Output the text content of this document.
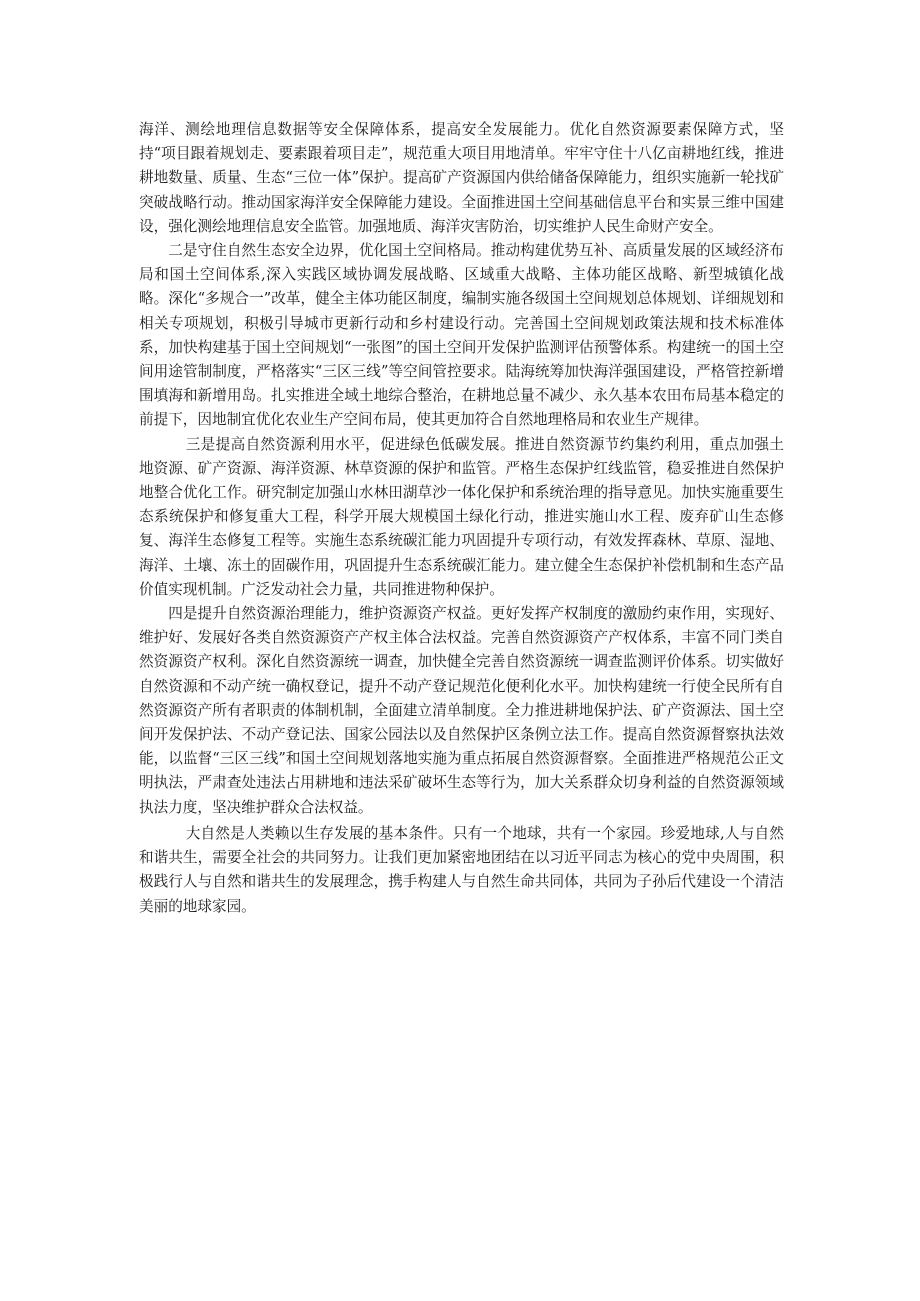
海洋、测绘地理信息数据等安全保障体系，提高安全发展能力。优化自然资源要素保障方式，坚持“项目跟着规划走、要素跟着项目走”，规范重大项目用地清单。牢牢守住十八亿亩耕地红线，推进耕地数量、质量、生态“三位一体”保护。提高矿产资源国内供给储备保障能力，组织实施新一轮找矿突破战略行动。推动国家海洋安全保障能力建设。全面推进国土空间基础信息平台和实景三维中国建设，强化测绘地理信息安全监管。加强地质、海洋灾害防治，切实维护人民生命财产安全。

二是守住自然生态安全边界，优化国土空间格局。推动构建优势互补、高质量发展的区域经济布局和国土空间体系,深入实践区域协调发展战略、区域重大战略、主体功能区战略、新型城镇化战略。深化“多规合一”改革，健全主体功能区制度，编制实施各级国土空间规划总体规划、详细规划和相关专项规划，积极引导城市更新行动和乡村建设行动。完善国土空间规划政策法规和技术标准体系，加快构建基于国土空间规划“一张图”的国土空间开发保护监测评估预警体系。构建统一的国土空间用途管制制度，严格落实“三区三线”等空间管控要求。陆海统筹加快海洋强国建设，严格管控新增围填海和新增用岛。扎实推进全域土地综合整治，在耕地总量不减少、永久基本农田布局基本稳定的前提下，因地制宜优化农业生产空间布局，使其更加符合自然地理格局和农业生产规律。

三是提高自然资源利用水平，促进绿色低碳发展。推进自然资源节约集约利用，重点加强土地资源、矿产资源、海洋资源、林草资源的保护和监管。严格生态保护红线监管，稳妥推进自然保护地整合优化工作。研究制定加强山水林田湖草沙一体化保护和系统治理的指导意见。加快实施重要生态系统保护和修复重大工程，科学开展大规模国土绿化行动，推进实施山水工程、废弃矿山生态修复、海洋生态修复工程等。实施生态系统碳汇能力巩固提升专项行动，有效发挥森林、草原、湿地、海洋、土壤、冻土的固碳作用，巩固提升生态系统碳汇能力。建立健全生态保护补偿机制和生态产品价值实现机制。广泛发动社会力量，共同推进物种保护。

四是提升自然资源治理能力，维护资源资产权益。更好发挥产权制度的激励约束作用，实现好、维护好、发展好各类自然资源资产产权主体合法权益。完善自然资源资产产权体系，丰富不同门类自然资源资产权利。深化自然资源统一调查，加快健全完善自然资源统一调查监测评价体系。切实做好自然资源和不动产统一确权登记，提升不动产登记规范化便利化水平。加快构建统一行使全民所有自然资源资产所有者职责的体制机制，全面建立清单制度。全力推进耕地保护法、矿产资源法、国土空间开发保护法、不动产登记法、国家公园法以及自然保护区条例立法工作。提高自然资源督察执法效能，以监督“三区三线”和国土空间规划落地实施为重点拓展自然资源督察。全面推进严格规范公正文明执法，严肃查处违法占用耕地和违法采矿破坏生态等行为，加大关系群众切身利益的自然资源领域执法力度，坚决维护群众合法权益。

大自然是人类赖以生存发展的基本条件。只有一个地球，共有一个家园。珍爱地球,人与自然和谐共生，需要全社会的共同努力。让我们更加紧密地团结在以习近平同志为核心的党中央周围，积极践行人与自然和谐共生的发展理念，携手构建人与自然生命共同体，共同为子孙后代建设一个清洁美丽的地球家园。
